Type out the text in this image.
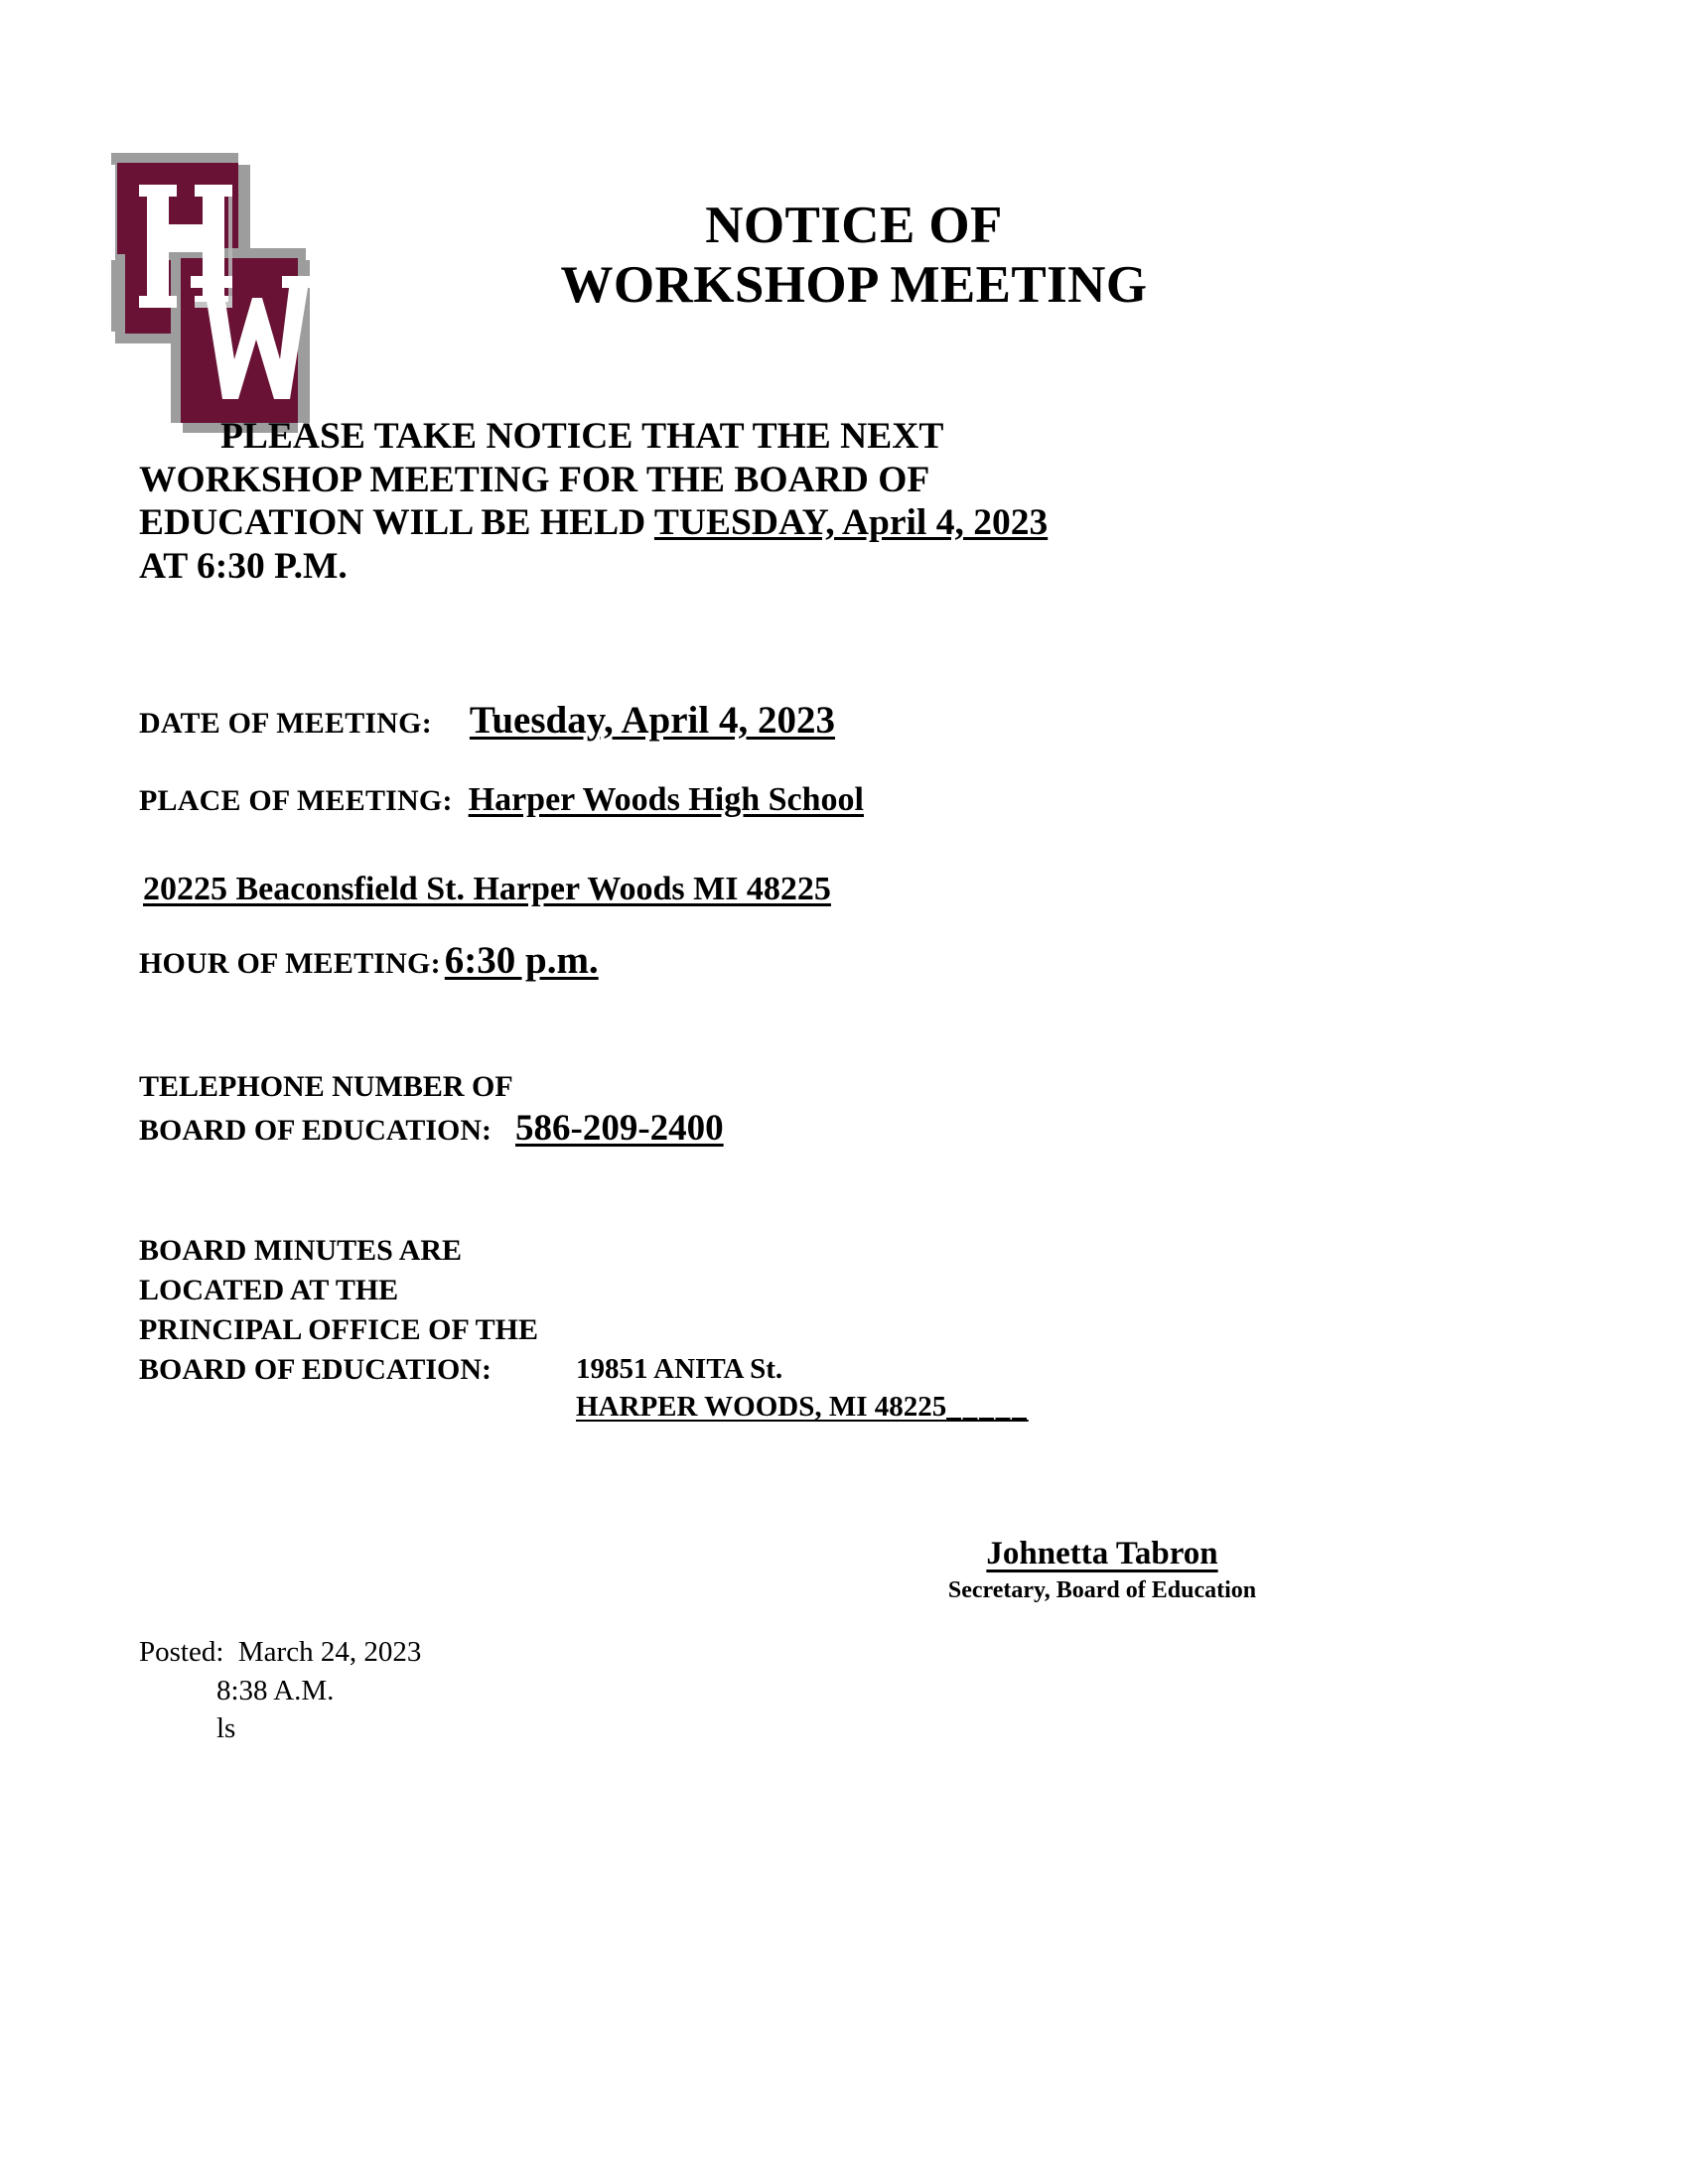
NOTICE OF
WORKSHOP MEETING
PLEASE TAKE NOTICE THAT THE NEXT
WORKSHOP MEETING FOR THE BOARD OF
EDUCATION WILL BE HELD TUESDAY, April 4, 2023
AT 6:30 P.M.
DATE OF MEETING: Tuesday, April 4, 2023
PLACE OF MEETING: Harper Woods High School
20225 Beaconsfield St. Harper Woods MI 48225
HOUR OF MEETING: 6:30 p.m.
TELEPHONE NUMBER OF
BOARD OF EDUCATION: 586-209-2400
BOARD MINUTES ARE
LOCATED AT THE
PRINCIPAL OFFICE OF THE
BOARD OF EDUCATION:	19851 ANITA St.
HARPER WOODS, MI 48225_____
Johnetta Tabron
Secretary, Board of Education
Posted:  March 24, 2023
8:38 A.M.
ls
